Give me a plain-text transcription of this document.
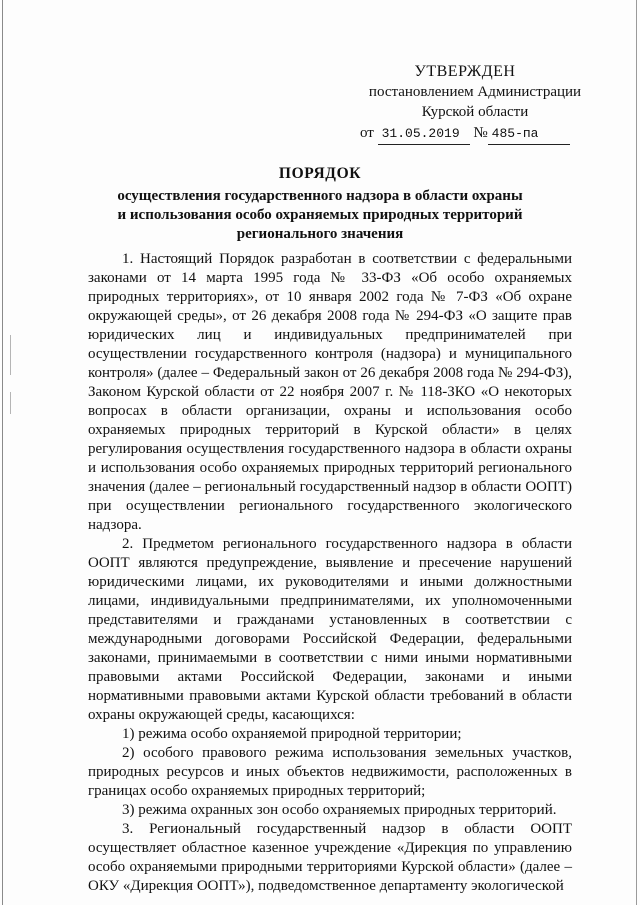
УТВЕРЖДЕН
постановлением Администрации
Курской области
от 31.05.2019 № 485-па
ПОРЯДОК
осуществления государственного надзора в области охраны
и использования особо охраняемых природных территорий
регионального значения

1. Настоящий Порядок разработан в соответствии с федеральными законами от 14 марта 1995 года № 33-ФЗ «Об особо охраняемых природных территориях», от 10 января 2002 года № 7-ФЗ «Об охране окружающей среды», от 26 декабря 2008 года № 294-ФЗ «О защите прав юридических лиц и индивидуальных предпринимателей при осуществлении государственного контроля (надзора) и муниципального контроля» (далее – Федеральный закон от 26 декабря 2008 года № 294-ФЗ), Законом Курской области от 22 ноября 2007 г. № 118-ЗКО «О некоторых вопросах в области организации, охраны и использования особо охраняемых природных территорий в Курской области» в целях регулирования осуществления государственного надзора в области охраны и использования особо охраняемых природных территорий регионального значения (далее – региональный государственный надзор в области ООПТ) при осуществлении регионального государственного экологического надзора.

2. Предметом регионального государственного надзора в области ООПТ являются предупреждение, выявление и пресечение нарушений юридическими лицами, их руководителями и иными должностными лицами, индивидуальными предпринимателями, их уполномоченными представителями и гражданами установленных в соответствии с международными договорами Российской Федерации, федеральными законами, принимаемыми в соответствии с ними иными нормативными правовыми актами Российской Федерации, законами и иными нормативными правовыми актами Курской области требований в области охраны окружающей среды, касающихся:

1) режима особо охраняемой природной территории;

2) особого правового режима использования земельных участков, природных ресурсов и иных объектов недвижимости, расположенных в границах особо охраняемых природных территорий;

3) режима охранных зон особо охраняемых природных территорий.

3. Региональный государственный надзор в области ООПТ осуществляет областное казенное учреждение «Дирекция по управлению особо охраняемыми природными территориями Курской области» (далее – ОКУ «Дирекция ООПТ»), подведомственное департаменту экологической
